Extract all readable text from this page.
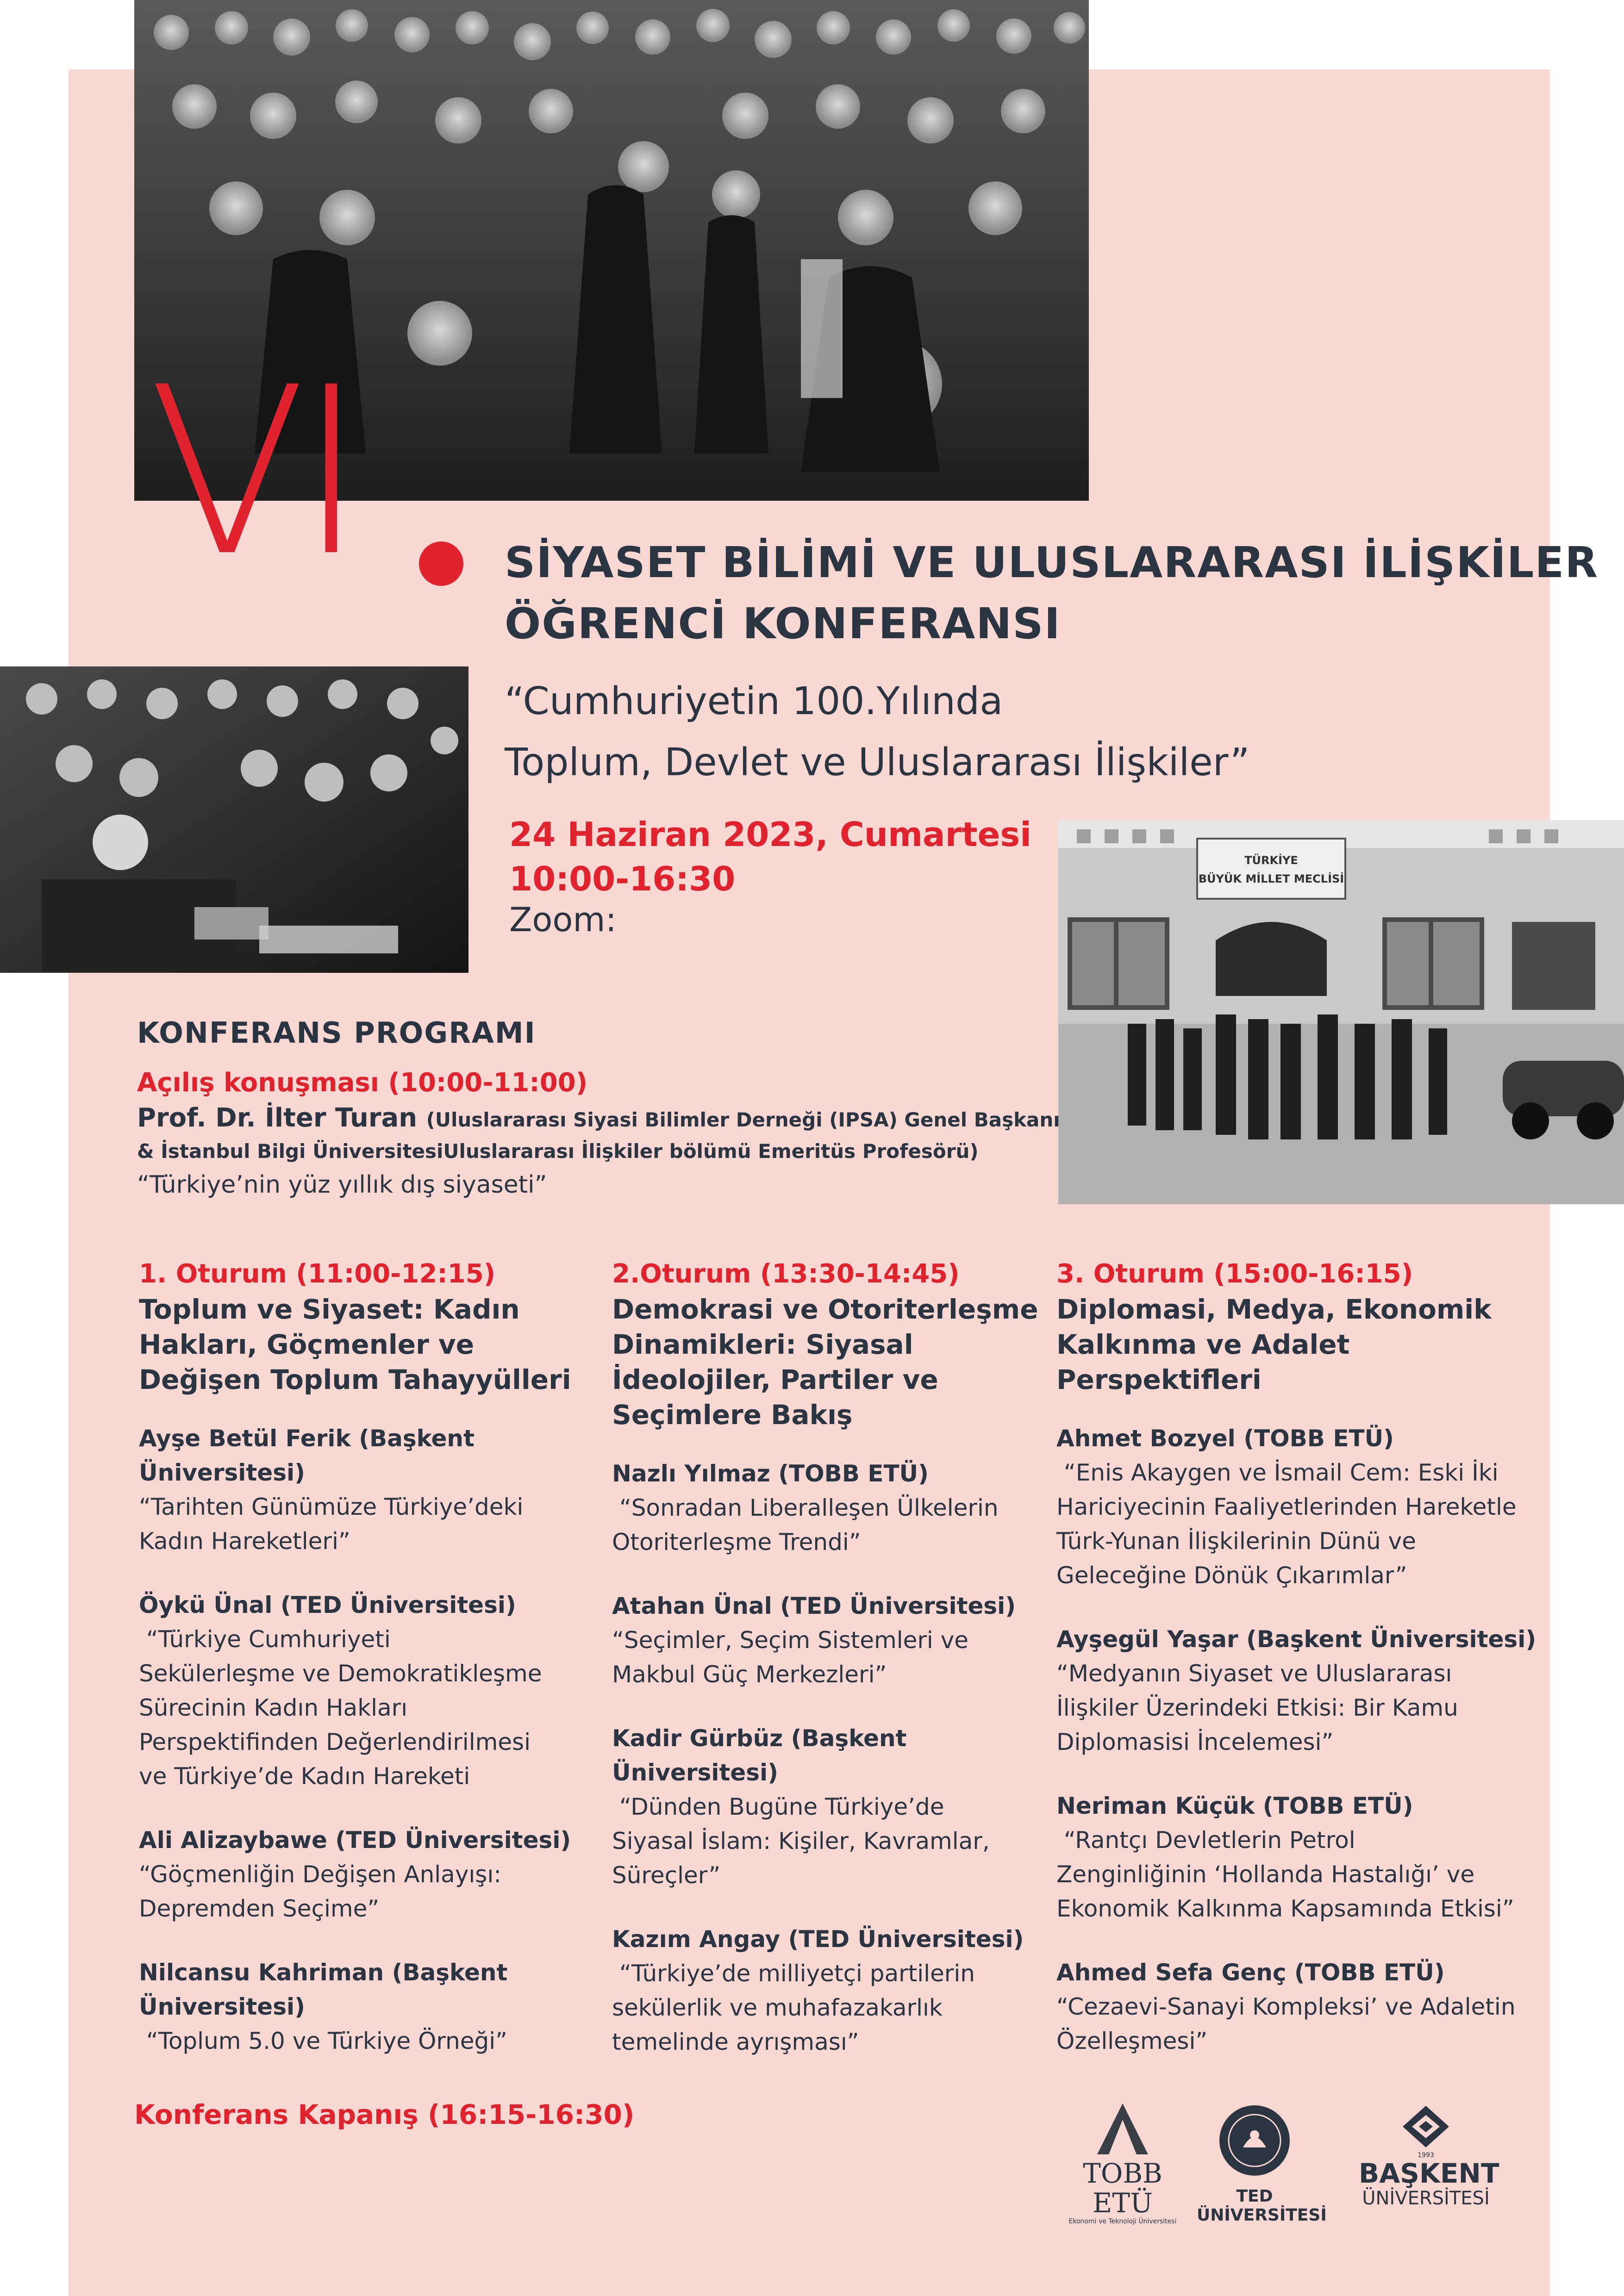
VI	SİYASET BİLİMİ VE ULUSLARARASI İLİŞKİLER
ÖĞRENCİ KONFERANSI
“Cumhuriyetin 100.Yılında
Toplum, Devlet ve Uluslararası İlişkiler”
24 Haziran 2023, Cumartesi
10:00-16:30
Zoom:
TÜRKİYE
BÜYÜK MİLLET MECLİSİ
KONFERANS PROGRAMI
Açılış konuşması (10:00-11:00)
Prof. Dr. İlter Turan (Uluslararası Siyasi Bilimler Derneği (IPSA) Genel Başkanı
& İstanbul Bilgi ÜniversitesiUluslararası İlişkiler bölümü Emeritüs Profesörü)
“Türkiye’nin yüz yıllık dış siyaseti”
1. Oturum (11:00-12:15)
Toplum ve Siyaset: Kadın
Hakları, Göçmenler ve
Değişen Toplum Tahayyülleri
Ayşe Betül Ferik (Başkent
Üniversitesi)
“Tarihten Günümüze Türkiye’deki
Kadın Hareketleri”
Öykü Ünal (TED Üniversitesi)
“Türkiye Cumhuriyeti
Sekülerleşme ve Demokratikleşme
Sürecinin Kadın Hakları
Perspektifinden Değerlendirilmesi
ve Türkiye’de Kadın Hareketi
Ali Alizaybawe (TED Üniversitesi)
“Göçmenliğin Değişen Anlayışı:
Depremden Seçime”
Nilcansu Kahriman (Başkent
Üniversitesi)
“Toplum 5.0 ve Türkiye Örneği”
2.Oturum (13:30-14:45)
Demokrasi ve Otoriterleşme
Dinamikleri: Siyasal
İdeolojiler, Partiler ve
Seçimlere Bakış
Nazlı Yılmaz (TOBB ETÜ)
“Sonradan Liberalleşen Ülkelerin
Otoriterleşme Trendi”
Atahan Ünal (TED Üniversitesi)
“Seçimler, Seçim Sistemleri ve
Makbul Güç Merkezleri”
Kadir Gürbüz (Başkent
Üniversitesi)
“Dünden Bugüne Türkiye’de
Siyasal İslam: Kişiler, Kavramlar,
Süreçler”
Kazım Angay (TED Üniversitesi)
“Türkiye’de milliyetçi partilerin
sekülerlik ve muhafazakarlık
temelinde ayrışması”
3. Oturum (15:00-16:15)
Diplomasi, Medya, Ekonomik
Kalkınma ve Adalet Perspektifleri
Ahmet Bozyel (TOBB ETÜ)
“Enis Akaygen ve İsmail Cem: Eski İki
Hariciyecinin Faaliyetlerinden Hareketle
Türk-Yunan İlişkilerinin Dünü ve
Geleceğine Dönük Çıkarımlar”
Ayşegül Yaşar (Başkent Üniversitesi)
“Medyanın Siyaset ve Uluslararası
İlişkiler Üzerindeki Etkisi: Bir Kamu
Diplomasisi İncelemesi”
Neriman Küçük (TOBB ETÜ)
“Rantçı Devletlerin Petrol
Zenginliğinin ‘Hollanda Hastalığı’ ve
Ekonomik Kalkınma Kapsamında Etkisi”
Ahmed Sefa Genç (TOBB ETÜ)
“Cezaevi-Sanayi Kompleksi’ ve Adaletin
Özelleşmesi”
Konferans Kapanış (16:15-16:30)
TOBB ETÜ
Ekonomi ve Teknoloji Üniversitesi
TED ÜNİVERSİTESİ
1993
BAŞKENT
ÜNİVERSİTESİ
